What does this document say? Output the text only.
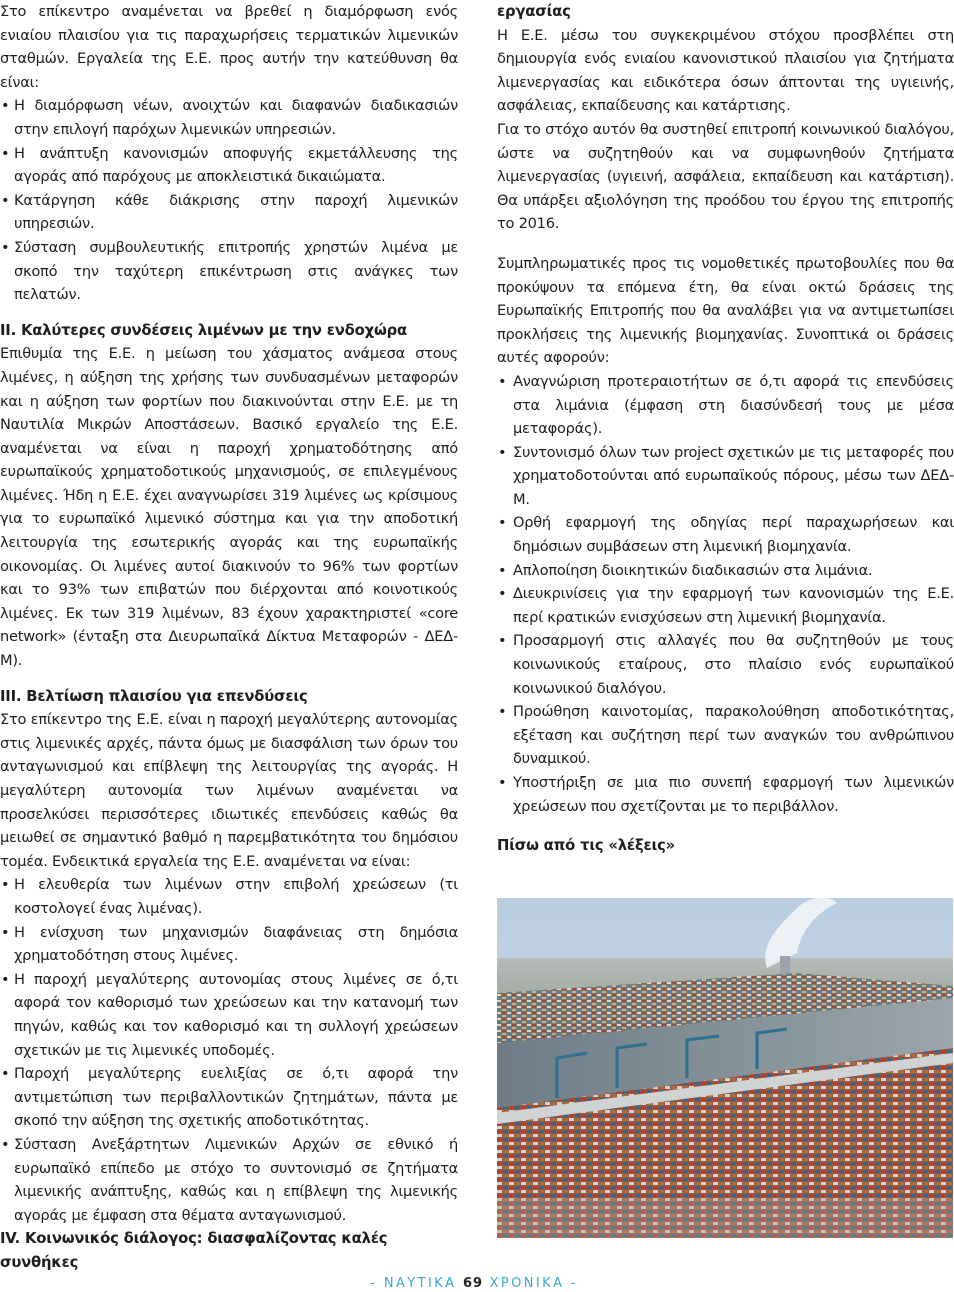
Στο επίκεντρο αναμένεται να βρεθεί η διαμόρφωση ενός ενιαίου πλαισίου για τις παραχωρήσεις τερματικών λιμενικών σταθμών. Εργαλεία της Ε.Ε. προς αυτήν την κατεύθυνση θα είναι:

• Η διαμόρφωση νέων, ανοιχτών και διαφανών διαδικασιών στην επιλογή παρόχων λιμενικών υπηρεσιών.
• Η ανάπτυξη κανονισμών αποφυγής εκμετάλλευσης της αγοράς από παρόχους με αποκλειστικά δικαιώματα.
• Κατάργηση κάθε διάκρισης στην παροχή λιμενικών υπηρεσιών.
• Σύσταση συμβουλευτικής επιτροπής χρηστών λιμένα με σκοπό την ταχύτερη επικέντρωση στις ανάγκες των πελατών.
ΙΙ. Καλύτερες συνδέσεις λιμένων με την ενδοχώρα

Επιθυμία της Ε.Ε. η μείωση του χάσματος ανάμεσα στους λιμένες, η αύξηση της χρήσης των συνδυασμένων μεταφορών και η αύξηση των φορτίων που διακινούνται στην Ε.Ε. με τη Ναυτιλία Μικρών Αποστάσεων. Βασικό εργαλείο της Ε.Ε. αναμένεται να είναι η παροχή χρηματοδότησης από ευρωπαϊκούς χρηματοδοτικούς μηχανισμούς, σε επιλεγμένους λιμένες. Ήδη η Ε.Ε. έχει αναγνωρίσει 319 λιμένες ως κρίσιμους για το ευρωπαϊκό λιμενικό σύστημα και για την αποδοτική λειτουργία της εσωτερικής αγοράς και της ευρωπαϊκής οικονομίας. Οι λιμένες αυτοί διακινούν το 96% των φορτίων και το 93% των επιβατών που διέρχονται από κοινοτικούς λιμένες. Εκ των 319 λιμένων, 83 έχουν χαρακτηριστεί «core network» (ένταξη στα Διευρωπαϊκά Δίκτυα Μεταφορών - ΔΕΔ-Μ).

ΙΙΙ. Βελτίωση πλαισίου για επενδύσεις

Στο επίκεντρο της Ε.Ε. είναι η παροχή μεγαλύτερης αυτονομίας στις λιμενικές αρχές, πάντα όμως με διασφάλιση των όρων του ανταγωνισμού και επίβλεψη της λειτουργίας της αγοράς. Η μεγαλύτερη αυτονομία των λιμένων αναμένεται να προσελκύσει περισσότερες ιδιωτικές επενδύσεις καθώς θα μειωθεί σε σημαντικό βαθμό η παρεμβατικότητα του δημόσιου τομέα. Ενδεικτικά εργαλεία της Ε.Ε. αναμένεται να είναι:

• Η ελευθερία των λιμένων στην επιβολή χρεώσεων (τι κοστολογεί ένας λιμένας).
• Η ενίσχυση των μηχανισμών διαφάνειας στη δημόσια χρηματοδότηση στους λιμένες.
• Η παροχή μεγαλύτερης αυτονομίας στους λιμένες σε ό,τι αφορά τον καθορισμό των χρεώσεων και την κατανομή των πηγών, καθώς και τον καθορισμό και τη συλλογή χρεώσεων σχετικών με τις λιμενικές υποδομές.
• Παροχή μεγαλύτερης ευελιξίας σε ό,τι αφορά την αντιμετώπιση των περιβαλλοντικών ζητημάτων, πάντα με σκοπό την αύξηση της σχετικής αποδοτικότητας.
• Σύσταση Ανεξάρτητων Λιμενικών Αρχών σε εθνικό ή ευρωπαϊκό επίπεδο με στόχο το συντονισμό σε ζητήματα λιμενικής ανάπτυξης, καθώς και η επίβλεψη της λιμενικής αγοράς με έμφαση στα θέματα ανταγωνισμού.
ΙV. Κοινωνικός διάλογος: διασφαλίζοντας καλές συνθήκες
εργασίας

Η Ε.Ε. μέσω του συγκεκριμένου στόχου προσβλέπει στη δημιουργία ενός ενιαίου κανονιστικού πλαισίου για ζητήματα λιμενεργασίας και ειδικότερα όσων άπτονται της υγιεινής, ασφάλειας, εκπαίδευσης και κατάρτισης.

Για το στόχο αυτόν θα συστηθεί επιτροπή κοινωνικού διαλόγου, ώστε να συζητηθούν και να συμφωνηθούν ζητήματα λιμενεργασίας (υγιεινή, ασφάλεια, εκπαίδευση και κατάρτιση). Θα υπάρξει αξιολόγηση της προόδου του έργου της επιτροπής το 2016.

Συμπληρωματικές προς τις νομοθετικές πρωτοβουλίες που θα προκύψουν τα επόμενα έτη, θα είναι οκτώ δράσεις της Ευρωπαϊκής Επιτροπής που θα αναλάβει για να αντιμετωπίσει προκλήσεις της λιμενικής βιομηχανίας. Συνοπτικά οι δράσεις αυτές αφορούν:

• Αναγνώριση προτεραιοτήτων σε ό,τι αφορά τις επενδύσεις στα λιμάνια (έμφαση στη διασύνδεσή τους με μέσα μεταφοράς).
• Συντονισμό όλων των project σχετικών με τις μεταφορές που χρηματοδοτούνται από ευρωπαϊκούς πόρους, μέσω των ΔΕΔ-Μ.
• Ορθή εφαρμογή της οδηγίας περί παραχωρήσεων και δημόσιων συμβάσεων στη λιμενική βιομηχανία.
• Απλοποίηση διοικητικών διαδικασιών στα λιμάνια.
• Διευκρινίσεις για την εφαρμογή των κανονισμών της Ε.Ε. περί κρατικών ενισχύσεων στη λιμενική βιομηχανία.
• Προσαρμογή στις αλλαγές που θα συζητηθούν με τους κοινωνικούς εταίρους, στο πλαίσιο ενός ευρωπαϊκού κοινωνικού διαλόγου.
• Προώθηση καινοτομίας, παρακολούθηση αποδοτικότητας, εξέταση και συζήτηση περί των αναγκών του ανθρώπινου δυναμικού.
• Υποστήριξη σε μια πιο συνεπή εφαρμογή των λιμενικών χρεώσεων που σχετίζονται με το περιβάλλον.
Πίσω από τις «λέξεις»
- ΝΑΥΤΙΚΑ 69 ΧΡΟΝΙΚΑ -
